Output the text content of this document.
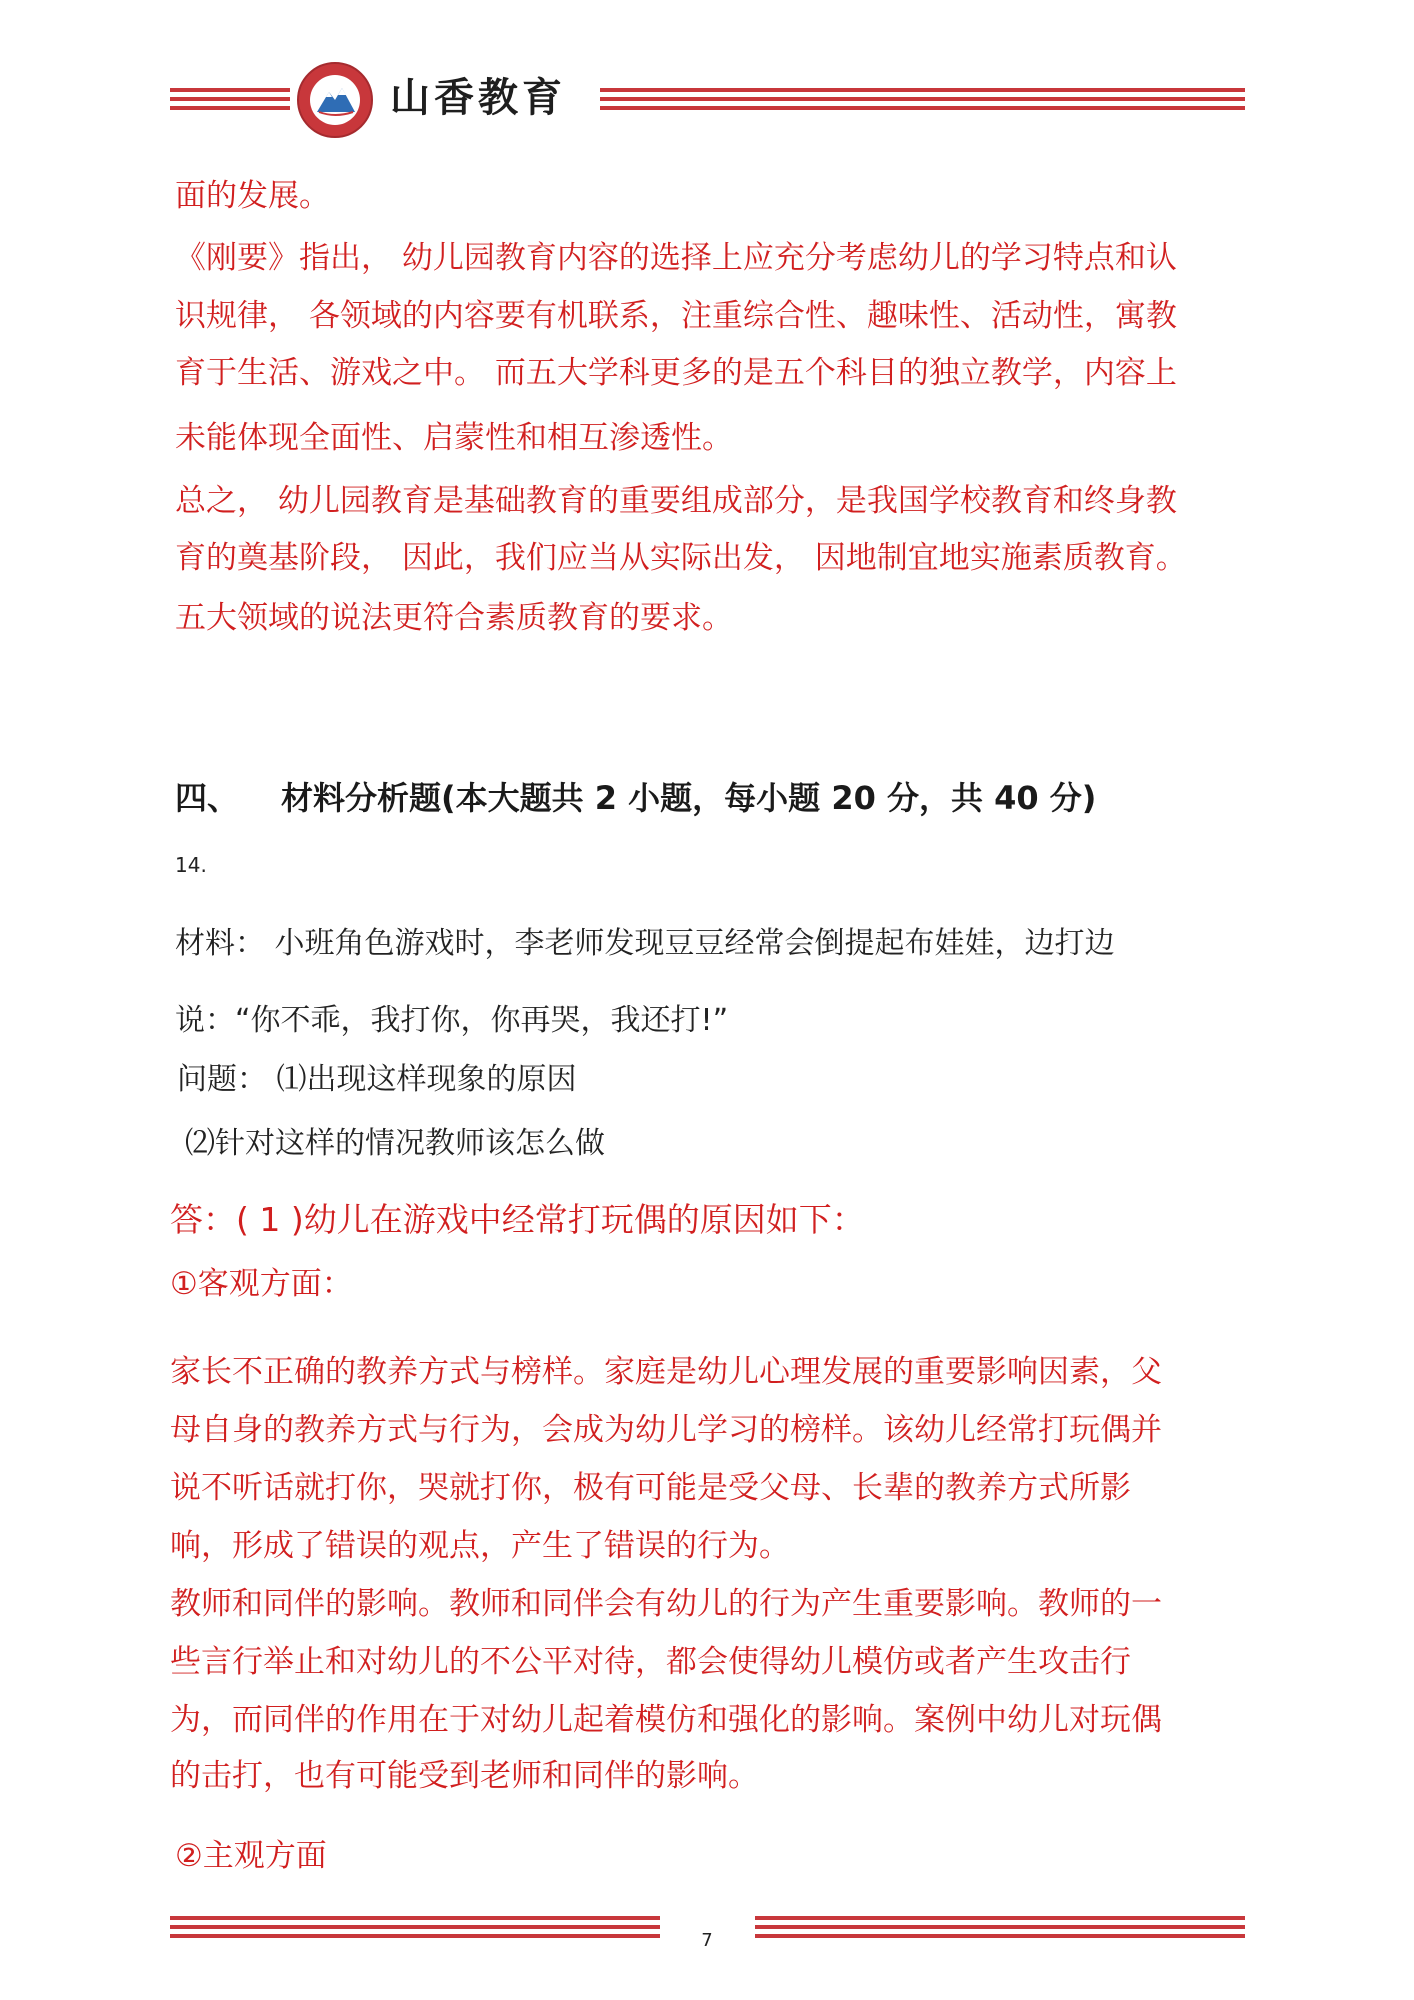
山香教育
面的发展。
《刚要》指出， 幼儿园教育内容的选择上应充分考虑幼儿的学习特点和认
识规律， 各领域的内容要有机联系，注重综合性、趣味性、活动性，寓教
育于生活、游戏之中。 而五大学科更多的是五个科目的独立教学，内容上
未能体现全面性、启蒙性和相互渗透性。
总之， 幼儿园教育是基础教育的重要组成部分，是我国学校教育和终身教
育的奠基阶段， 因此，我们应当从实际出发， 因地制宜地实施素质教育。
五大领域的说法更符合素质教育的要求。
四、 材料分析题(本大题共 2 小题，每小题 20 分，共 40 分)
14.
材料： 小班角色游戏时，李老师发现豆豆经常会倒提起布娃娃，边打边
说：“你不乖，我打你，你再哭，我还打!”
问题： ⑴出现这样现象的原因
⑵针对这样的情况教师该怎么做
答：( 1 )幼儿在游戏中经常打玩偶的原因如下：
①客观方面：
家长不正确的教养方式与榜样。家庭是幼儿心理发展的重要影响因素，父
母自身的教养方式与行为，会成为幼儿学习的榜样。该幼儿经常打玩偶并
说不听话就打你，哭就打你，极有可能是受父母、长辈的教养方式所影
响，形成了错误的观点，产生了错误的行为。
教师和同伴的影响。教师和同伴会有幼儿的行为产生重要影响。教师的一
些言行举止和对幼儿的不公平对待，都会使得幼儿模仿或者产生攻击行
为，而同伴的作用在于对幼儿起着模仿和强化的影响。案例中幼儿对玩偶
的击打，也有可能受到老师和同伴的影响。
②主观方面
7
